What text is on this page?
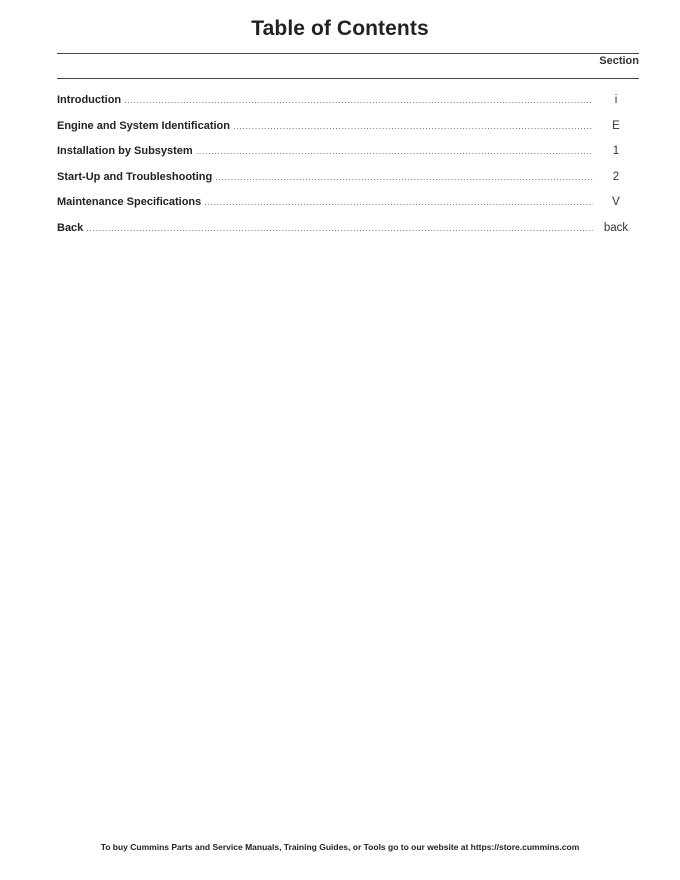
Table of Contents
Section
Introduction .....	i
Engine and System Identification .....	E
Installation by Subsystem .....	1
Start-Up and Troubleshooting .....	2
Maintenance Specifications .....	V
Back .....	back
To buy Cummins Parts and Service Manuals, Training Guides, or Tools go to our website at https://store.cummins.com
